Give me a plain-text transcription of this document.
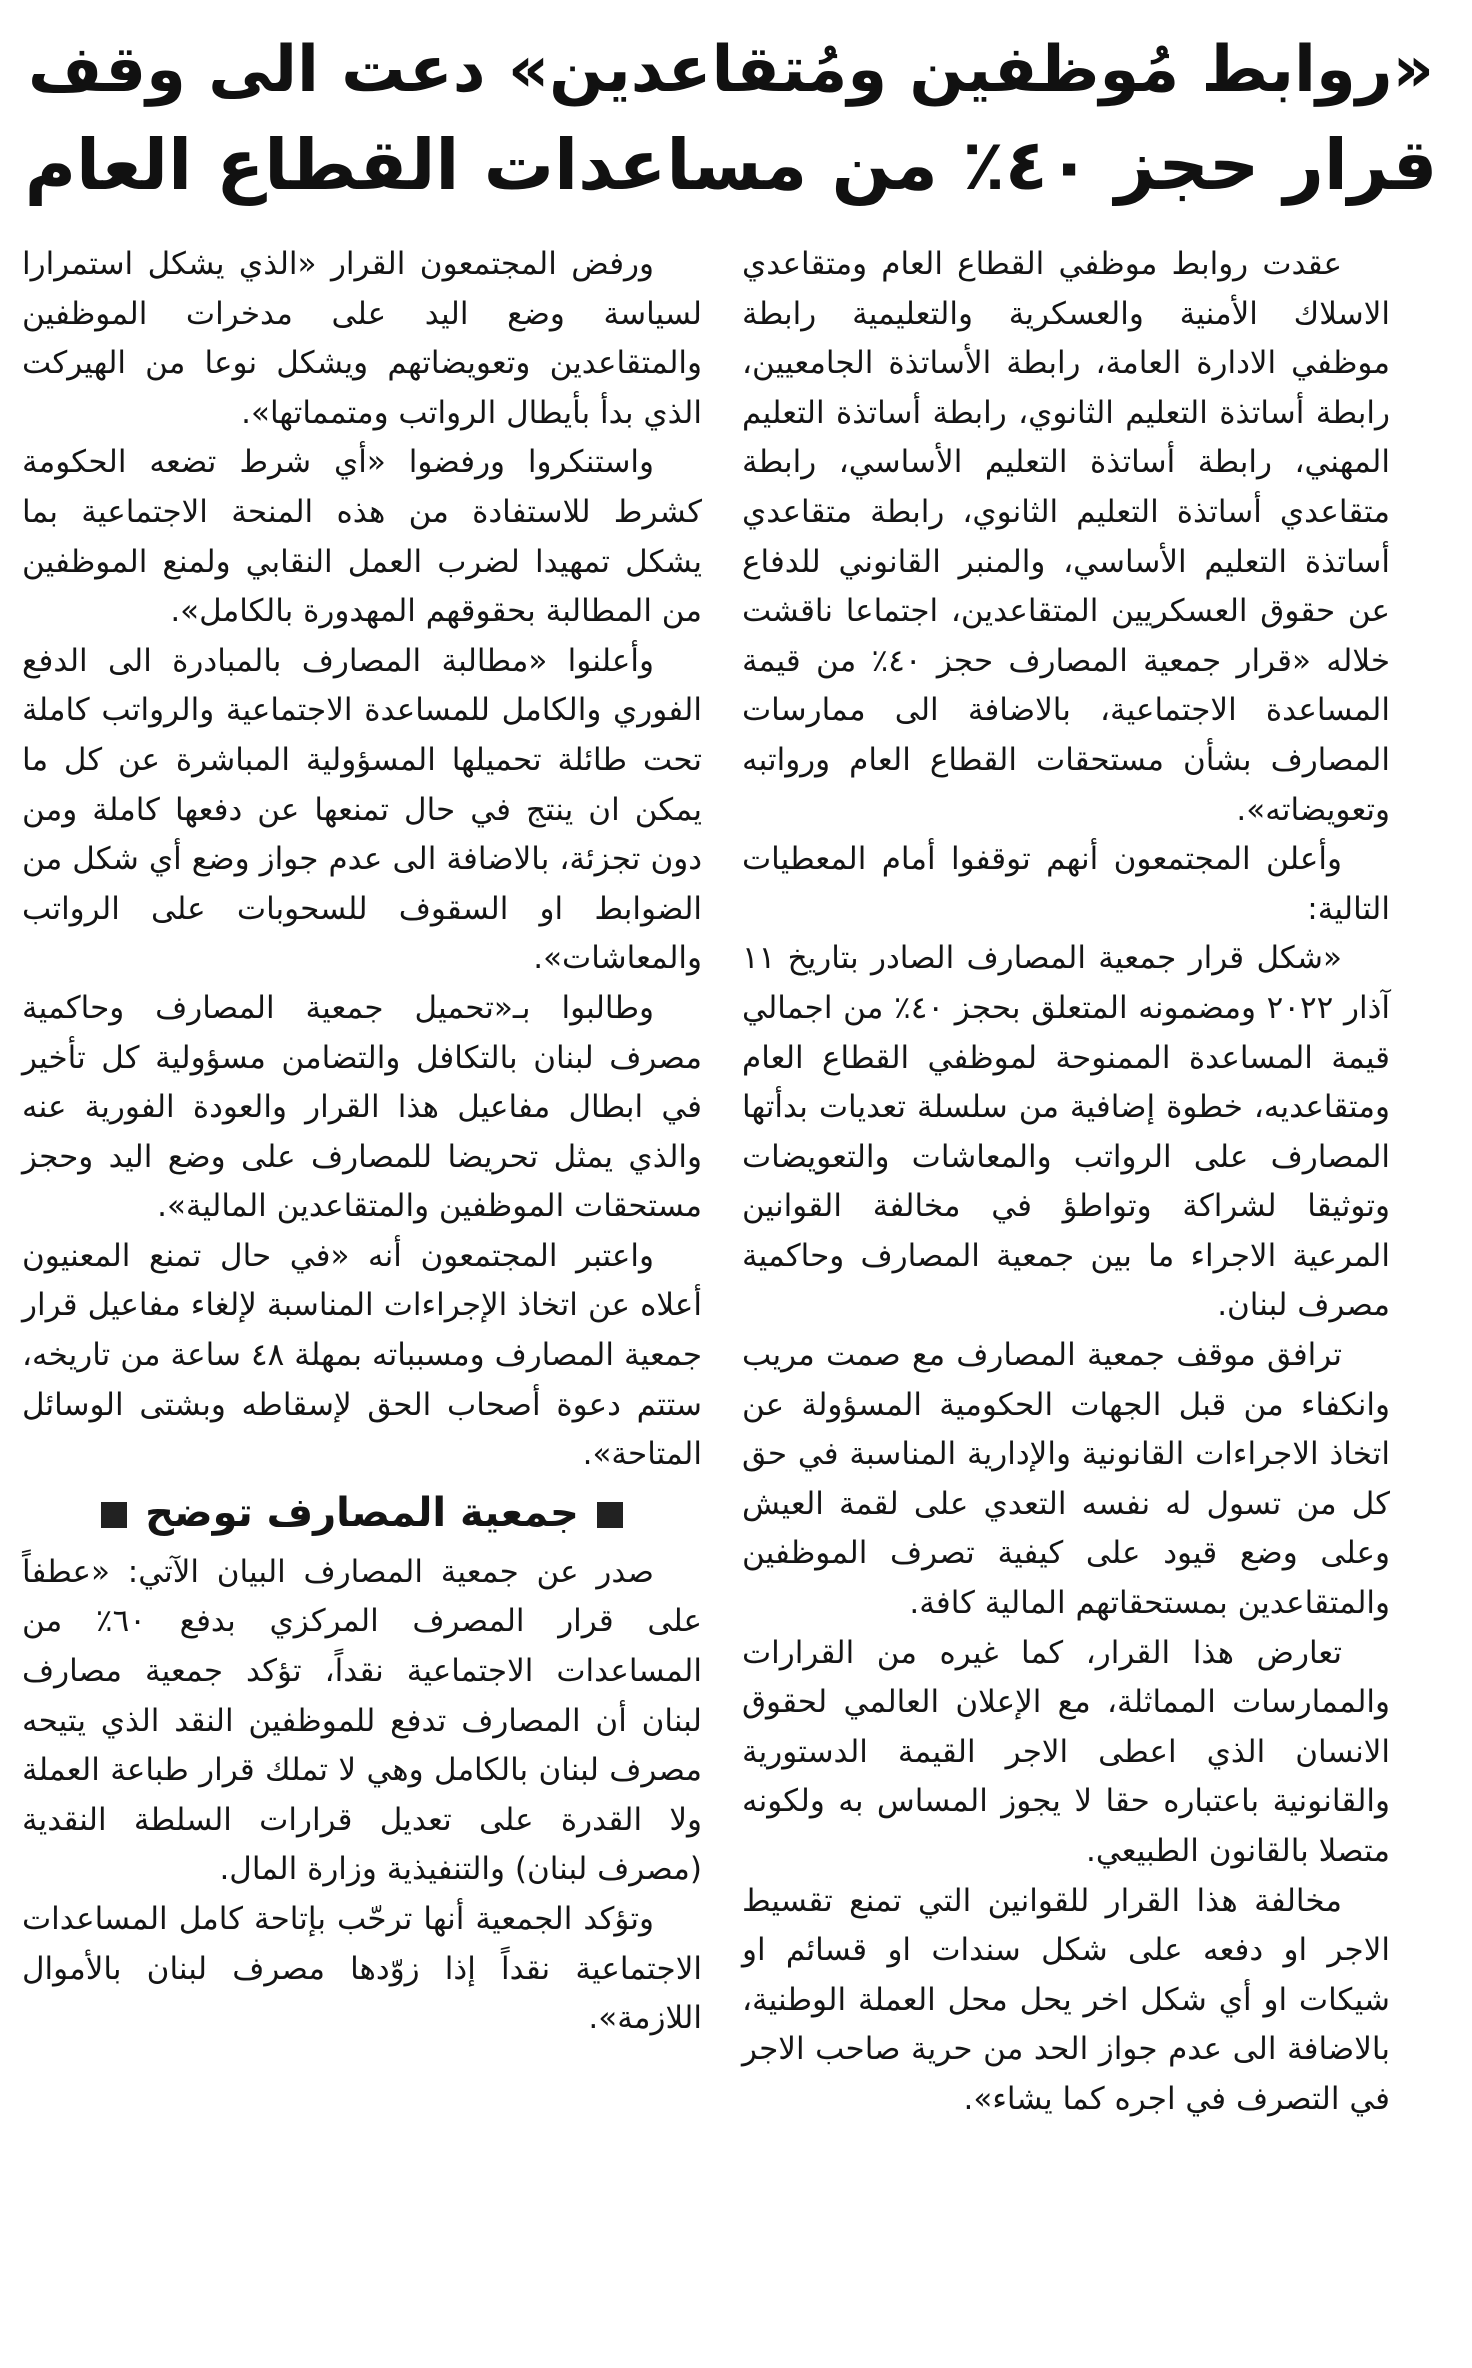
«روابط مُوظفين ومُتقاعدين» دعت الى وقف
قرار حجز ٤٠٪ من مساعدات القطاع العام

عقدت روابط موظفي القطاع العام ومتقاعدي الاسلاك الأمنية والعسكرية والتعليمية رابطة موظفي الادارة العامة، رابطة الأساتذة الجامعيين، رابطة أساتذة التعليم الثانوي، رابطة أساتذة التعليم المهني، رابطة أساتذة التعليم الأساسي، رابطة متقاعدي أساتذة التعليم الثانوي، رابطة متقاعدي أساتذة التعليم الأساسي، والمنبر القانوني للدفاع عن حقوق العسكريين المتقاعدين، اجتماعا ناقشت خلاله «قرار جمعية المصارف حجز ٤٠٪ من قيمة المساعدة الاجتماعية، بالاضافة الى ممارسات المصارف بشأن مستحقات القطاع العام ورواتبه وتعويضاته».

وأعلن المجتمعون أنهم توقفوا أمام المعطيات التالية:

«شكل قرار جمعية المصارف الصادر بتاريخ ١١ آذار ٢٠٢٢ ومضمونه المتعلق بحجز ٤٠٪ من اجمالي قيمة المساعدة الممنوحة لموظفي القطاع العام ومتقاعديه، خطوة إضافية من سلسلة تعديات بدأتها المصارف على الرواتب والمعاشات والتعويضات وتوثيقا لشراكة وتواطؤ في مخالفة القوانين المرعية الاجراء ما بين جمعية المصارف وحاكمية مصرف لبنان.

ترافق موقف جمعية المصارف مع صمت مريب وانكفاء من قبل الجهات الحكومية المسؤولة عن اتخاذ الاجراءات القانونية والإدارية المناسبة في حق كل من تسول له نفسه التعدي على لقمة العيش وعلى وضع قيود على كيفية تصرف الموظفين والمتقاعدين بمستحقاتهم المالية كافة.

تعارض هذا القرار، كما غيره من القرارات والممارسات المماثلة، مع الإعلان العالمي لحقوق الانسان الذي اعطى الاجر القيمة الدستورية والقانونية باعتباره حقا لا يجوز المساس به ولكونه متصلا بالقانون الطبيعي.

مخالفة هذا القرار للقوانين التي تمنع تقسيط الاجر او دفعه على شكل سندات او قسائم او شيكات او أي شكل اخر يحل محل العملة الوطنية، بالاضافة الى عدم جواز الحد من حرية صاحب الاجر في التصرف في اجره كما يشاء».

ورفض المجتمعون القرار «الذي يشكل استمرارا لسياسة وضع اليد على مدخرات الموظفين والمتقاعدين وتعويضاتهم ويشكل نوعا من الهيركت الذي بدأ بأيطال الرواتب ومتمماتها».

واستنكروا ورفضوا «أي شرط تضعه الحكومة كشرط للاستفادة من هذه المنحة الاجتماعية بما يشكل تمهيدا لضرب العمل النقابي ولمنع الموظفين من المطالبة بحقوقهم المهدورة بالكامل».

وأعلنوا «مطالبة المصارف بالمبادرة الى الدفع الفوري والكامل للمساعدة الاجتماعية والرواتب كاملة تحت طائلة تحميلها المسؤولية المباشرة عن كل ما يمكن ان ينتج في حال تمنعها عن دفعها كاملة ومن دون تجزئة، بالاضافة الى عدم جواز وضع أي شكل من الضوابط او السقوف للسحوبات على الرواتب والمعاشات».

وطالبوا بـ«تحميل جمعية المصارف وحاكمية مصرف لبنان بالتكافل والتضامن مسؤولية كل تأخير في ابطال مفاعيل هذا القرار والعودة الفورية عنه والذي يمثل تحريضا للمصارف على وضع اليد وحجز مستحقات الموظفين والمتقاعدين المالية».

واعتبر المجتمعون أنه «في حال تمنع المعنيون أعلاه عن اتخاذ الإجراءات المناسبة لإلغاء مفاعيل قرار جمعية المصارف ومسبباته بمهلة ٤٨ ساعة من تاريخه، ستتم دعوة أصحاب الحق لإسقاطه وبشتى الوسائل المتاحة».

جمعية المصارف توضح

صدر عن جمعية المصارف البيان الآتي: «عطفاً على قرار المصرف المركزي بدفع ٦٠٪ من المساعدات الاجتماعية نقداً، تؤكد جمعية مصارف لبنان أن المصارف تدفع للموظفين النقد الذي يتيحه مصرف لبنان بالكامل وهي لا تملك قرار طباعة العملة ولا القدرة على تعديل قرارات السلطة النقدية (مصرف لبنان) والتنفيذية وزارة المال.

وتؤكد الجمعية أنها ترحّب بإتاحة كامل المساعدات الاجتماعية نقداً إذا زوّدها مصرف لبنان بالأموال اللازمة».
